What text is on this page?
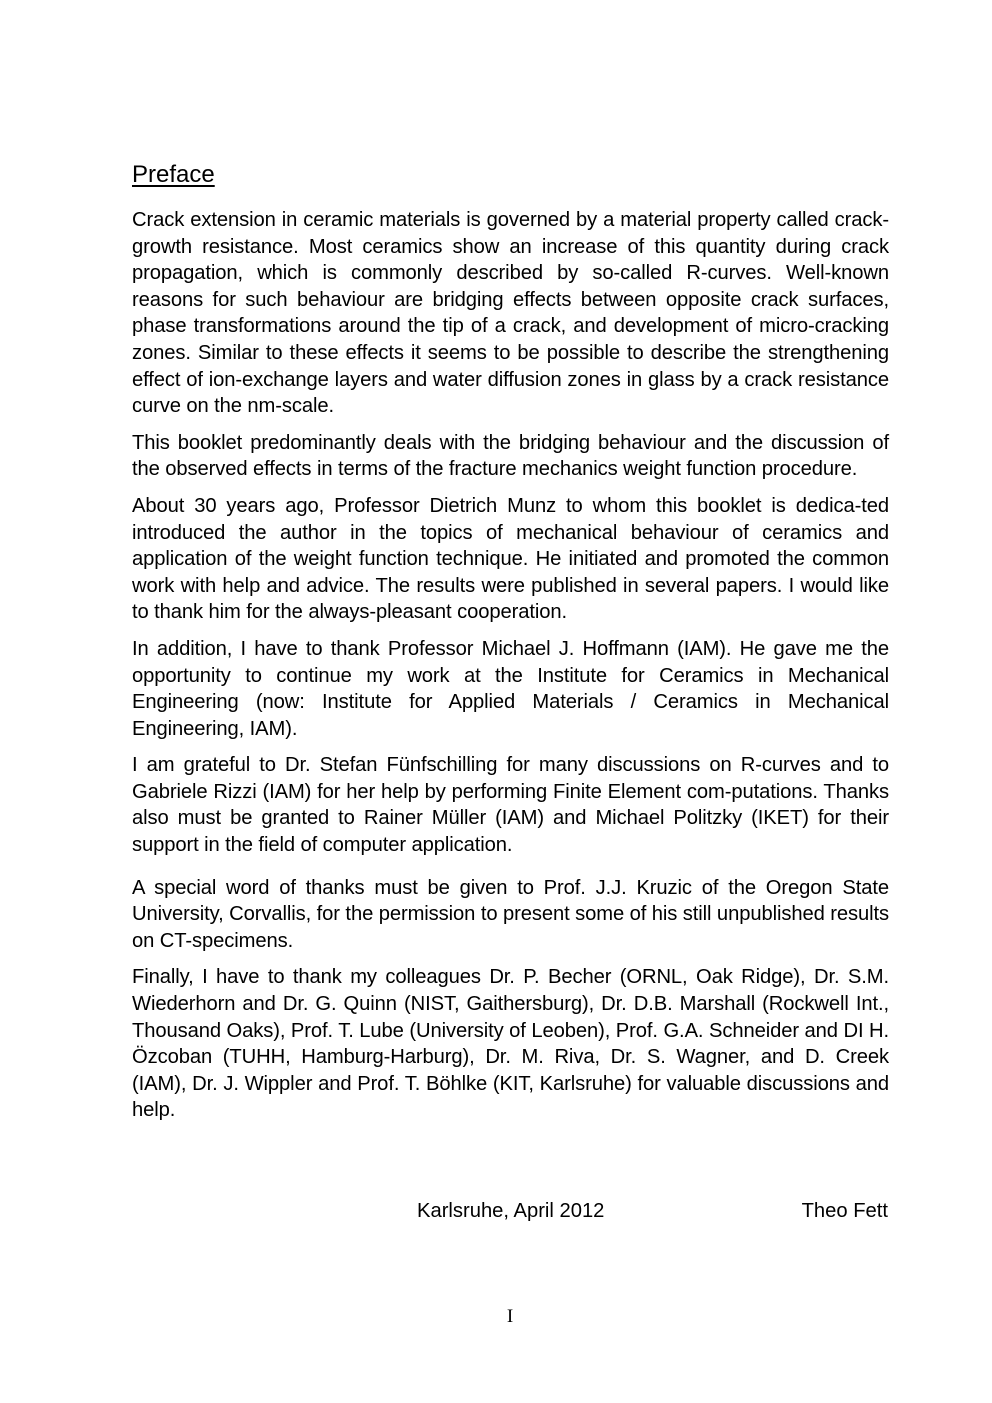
Preface

Crack extension in ceramic materials is governed by a material property called crack-growth resistance. Most ceramics show an increase of this quantity during crack propagation, which is commonly described by so-called R-curves. Well-known reasons for such behaviour are bridging effects between opposite crack surfaces, phase transformations around the tip of a crack, and development of micro-cracking zones. Similar to these effects it seems to be possible to describe the strengthening effect of ion-exchange layers and water diffusion zones in glass by a crack resistance curve on the nm-scale.

This booklet predominantly deals with the bridging behaviour and the discussion of the observed effects in terms of the fracture mechanics weight function procedure.

About 30 years ago, Professor Dietrich Munz to whom this booklet is dedica-ted introduced the author in the topics of mechanical behaviour of ceramics and application of the weight function technique. He initiated and promoted the common work with help and advice. The results were published in several papers. I would like to thank him for the always-pleasant cooperation.

In addition, I have to thank Professor Michael J. Hoffmann (IAM). He gave me the opportunity to continue my work at the Institute for Ceramics in Mechanical Engineering (now: Institute for Applied Materials / Ceramics in Mechanical Engineering, IAM).

I am grateful to Dr. Stefan Fünfschilling for many discussions on R-curves and to Gabriele Rizzi (IAM) for her help by performing Finite Element com-putations. Thanks also must be granted to Rainer Müller (IAM) and Michael Politzky (IKET) for their support in the field of computer application.

A special word of thanks must be given to Prof. J.J. Kruzic of the Oregon State University, Corvallis, for the permission to present some of his still unpublished results on CT-specimens.

Finally, I have to thank my colleagues Dr. P. Becher (ORNL, Oak Ridge), Dr. S.M. Wiederhorn and Dr. G. Quinn (NIST, Gaithersburg), Dr. D.B. Marshall (Rockwell Int., Thousand Oaks), Prof. T. Lube (University of Leoben), Prof. G.A. Schneider and DI H. Özcoban (TUHH, Hamburg-Harburg), Dr. M. Riva, Dr. S. Wagner, and D. Creek (IAM), Dr. J. Wippler and Prof. T. Böhlke (KIT, Karlsruhe) for valuable discussions and help.

Karlsruhe, April 2012	Theo Fett
I
